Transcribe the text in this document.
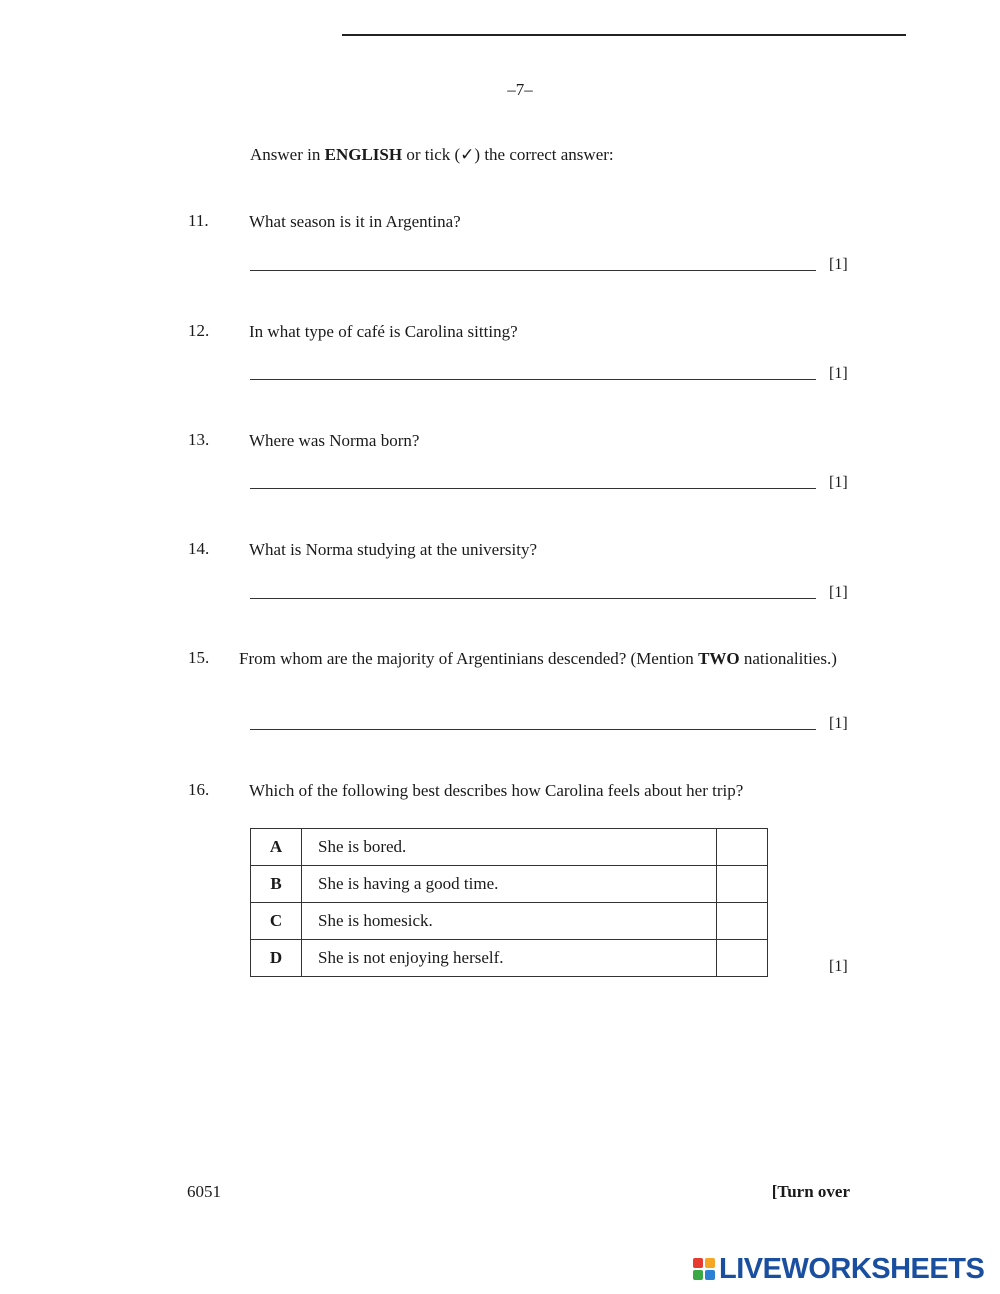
–7–
Answer in ENGLISH or tick (✓) the correct answer:
11. What season is it in Argentina?
[1]
12. In what type of café is Carolina sitting?
[1]
13. Where was Norma born?
[1]
14. What is Norma studying at the university?
[1]
15. From whom are the majority of Argentinians descended? (Mention TWO nationalities.)
[1]
16. Which of the following best describes how Carolina feels about her trip?
A	She is bored.	
B	She is having a good time.	
C	She is homesick.	
D	She is not enjoying herself.		[1]
6051	[Turn over
LIVEWORKSHEETS
